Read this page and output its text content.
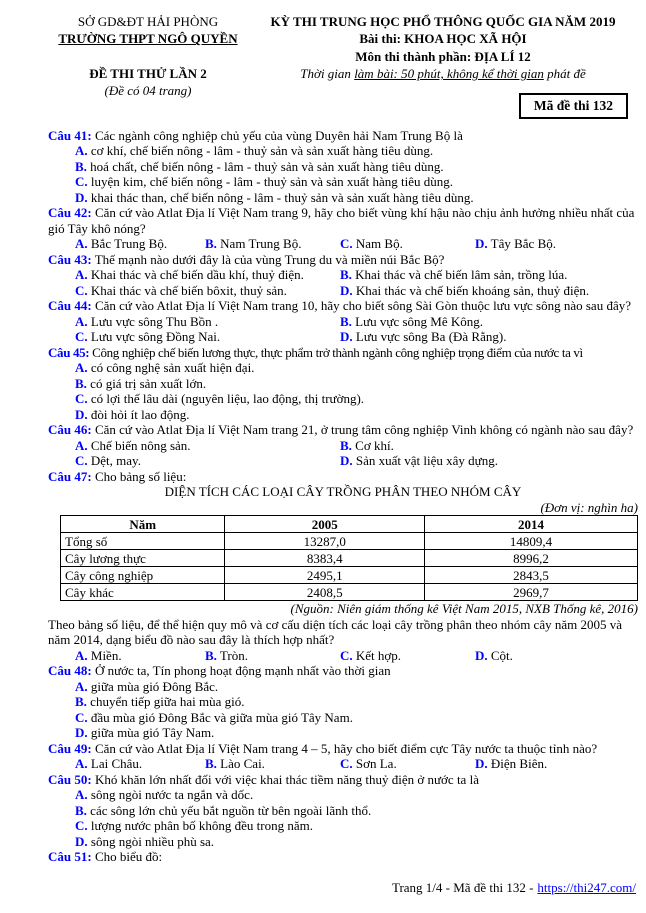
SỞ GD&ĐT HẢI PHÒNG
TRƯỜNG THPT NGÔ QUYỀN
ĐỀ THI THỬ LẦN 2
(Đề có 04 trang)
KỲ THI TRUNG HỌC PHỔ THÔNG QUỐC GIA NĂM 2019
Bài thi: KHOA HỌC XÃ HỘI
Môn thi thành phần: ĐỊA LÍ 12
Thời gian làm bài: 50 phút, không kể thời gian phát đề
Mã đề thi 132

Câu 41: Các ngành công nghiệp chủ yếu của vùng Duyên hải Nam Trung Bộ là

A. cơ khí, chế biến nông - lâm - thuỷ sản và sản xuất hàng tiêu dùng.
B. hoá chất, chế biến nông - lâm - thuỷ sản và sản xuất hàng tiêu dùng.
C. luyện kim, chế biến nông - lâm - thuỷ sản và sản xuất hàng tiêu dùng.
D. khai thác than, chế biến nông - lâm - thuỷ sản và sản xuất hàng tiêu dùng.

Câu 42: Căn cứ vào Atlat Địa lí Việt Nam trang 9, hãy cho biết vùng khí hậu nào chịu ảnh hưởng nhiều nhất của gió Tây khô nóng?

A. Bắc Trung Bộ.	B. Nam Trung Bộ.	C. Nam Bộ.	D. Tây Bắc Bộ.

Câu 43: Thế mạnh nào dưới đây là của vùng Trung du và miền núi Bắc Bộ?

A. Khai thác và chế biến dầu khí, thuỷ điện.	B. Khai thác và chế biến lâm sản, trồng lúa.
C. Khai thác và chế biến bôxit, thuỷ sản.	D. Khai thác và chế biến khoáng sản, thuỷ điện.

Câu 44: Căn cứ vào Atlat Địa lí Việt Nam trang 10, hãy cho biết sông Sài Gòn thuộc lưu vực sông nào sau đây?

A. Lưu vực sông Thu Bồn .	B. Lưu vực sông Mê Kông.
C. Lưu vực sông Đồng Nai.	D. Lưu vực sông Ba (Đà Rằng).

Câu 45: Công nghiệp chế biến lương thực, thực phẩm trở thành ngành công nghiệp trọng điểm của nước ta vì

A. có công nghệ sản xuất hiện đại.
B. có giá trị sản xuất lớn.
C. có lợi thế lâu dài (nguyên liệu, lao động, thị trường).
D. đòi hỏi ít lao động.

Câu 46: Căn cứ vào Atlat Địa lí Việt Nam trang 21, ở trung tâm công nghiệp Vinh không có ngành nào sau đây?

A. Chế biến nông sản.	B. Cơ khí.
C. Dệt, may.	D. Sản xuất vật liệu xây dựng.

Câu 47: Cho bảng số liệu:

DIỆN TÍCH CÁC LOẠI CÂY TRỒNG PHÂN THEO NHÓM CÂY
(Đơn vị: nghìn ha)
Năm	2005	2014
Tổng số	13287,0	14809,4
Cây lương thực	8383,4	8996,2
Cây công nghiệp	2495,1	2843,5
Cây khác	2408,5	2969,7
(Nguồn: Niên giám thống kê Việt Nam 2015, NXB Thống kê, 2016)

Theo bảng số liệu, để thể hiện quy mô và cơ cấu diện tích các loại cây trồng phân theo nhóm cây năm 2005 và năm 2014, dạng biểu đồ nào sau đây là thích hợp nhất?

A. Miền.	B. Tròn.	C. Kết hợp.	D. Cột.

Câu 48: Ở nước ta, Tín phong hoạt động mạnh nhất vào thời gian

A. giữa mùa gió Đông Bắc.
B. chuyển tiếp giữa hai mùa gió.
C. đầu mùa gió Đông Bắc và giữa mùa gió Tây Nam.
D. giữa mùa gió Tây Nam.

Câu 49: Căn cứ vào Atlat Địa lí Việt Nam trang 4 – 5, hãy cho biết điểm cực Tây nước ta thuộc tỉnh nào?

A. Lai Châu.	B. Lào Cai.	C. Sơn La.	D. Điện Biên.

Câu 50: Khó khăn lớn nhất đối với việc khai thác tiềm năng thuỷ điện ở nước ta là

A. sông ngòi nước ta ngắn và dốc.
B. các sông lớn chủ yếu bắt nguồn từ bên ngoài lãnh thổ.
C. lượng nước phân bố không đều trong năm.
D. sông ngòi nhiều phù sa.

Câu 51: Cho biểu đồ:

Trang 1/4 - Mã đề thi 132 - https://thi247.com/
